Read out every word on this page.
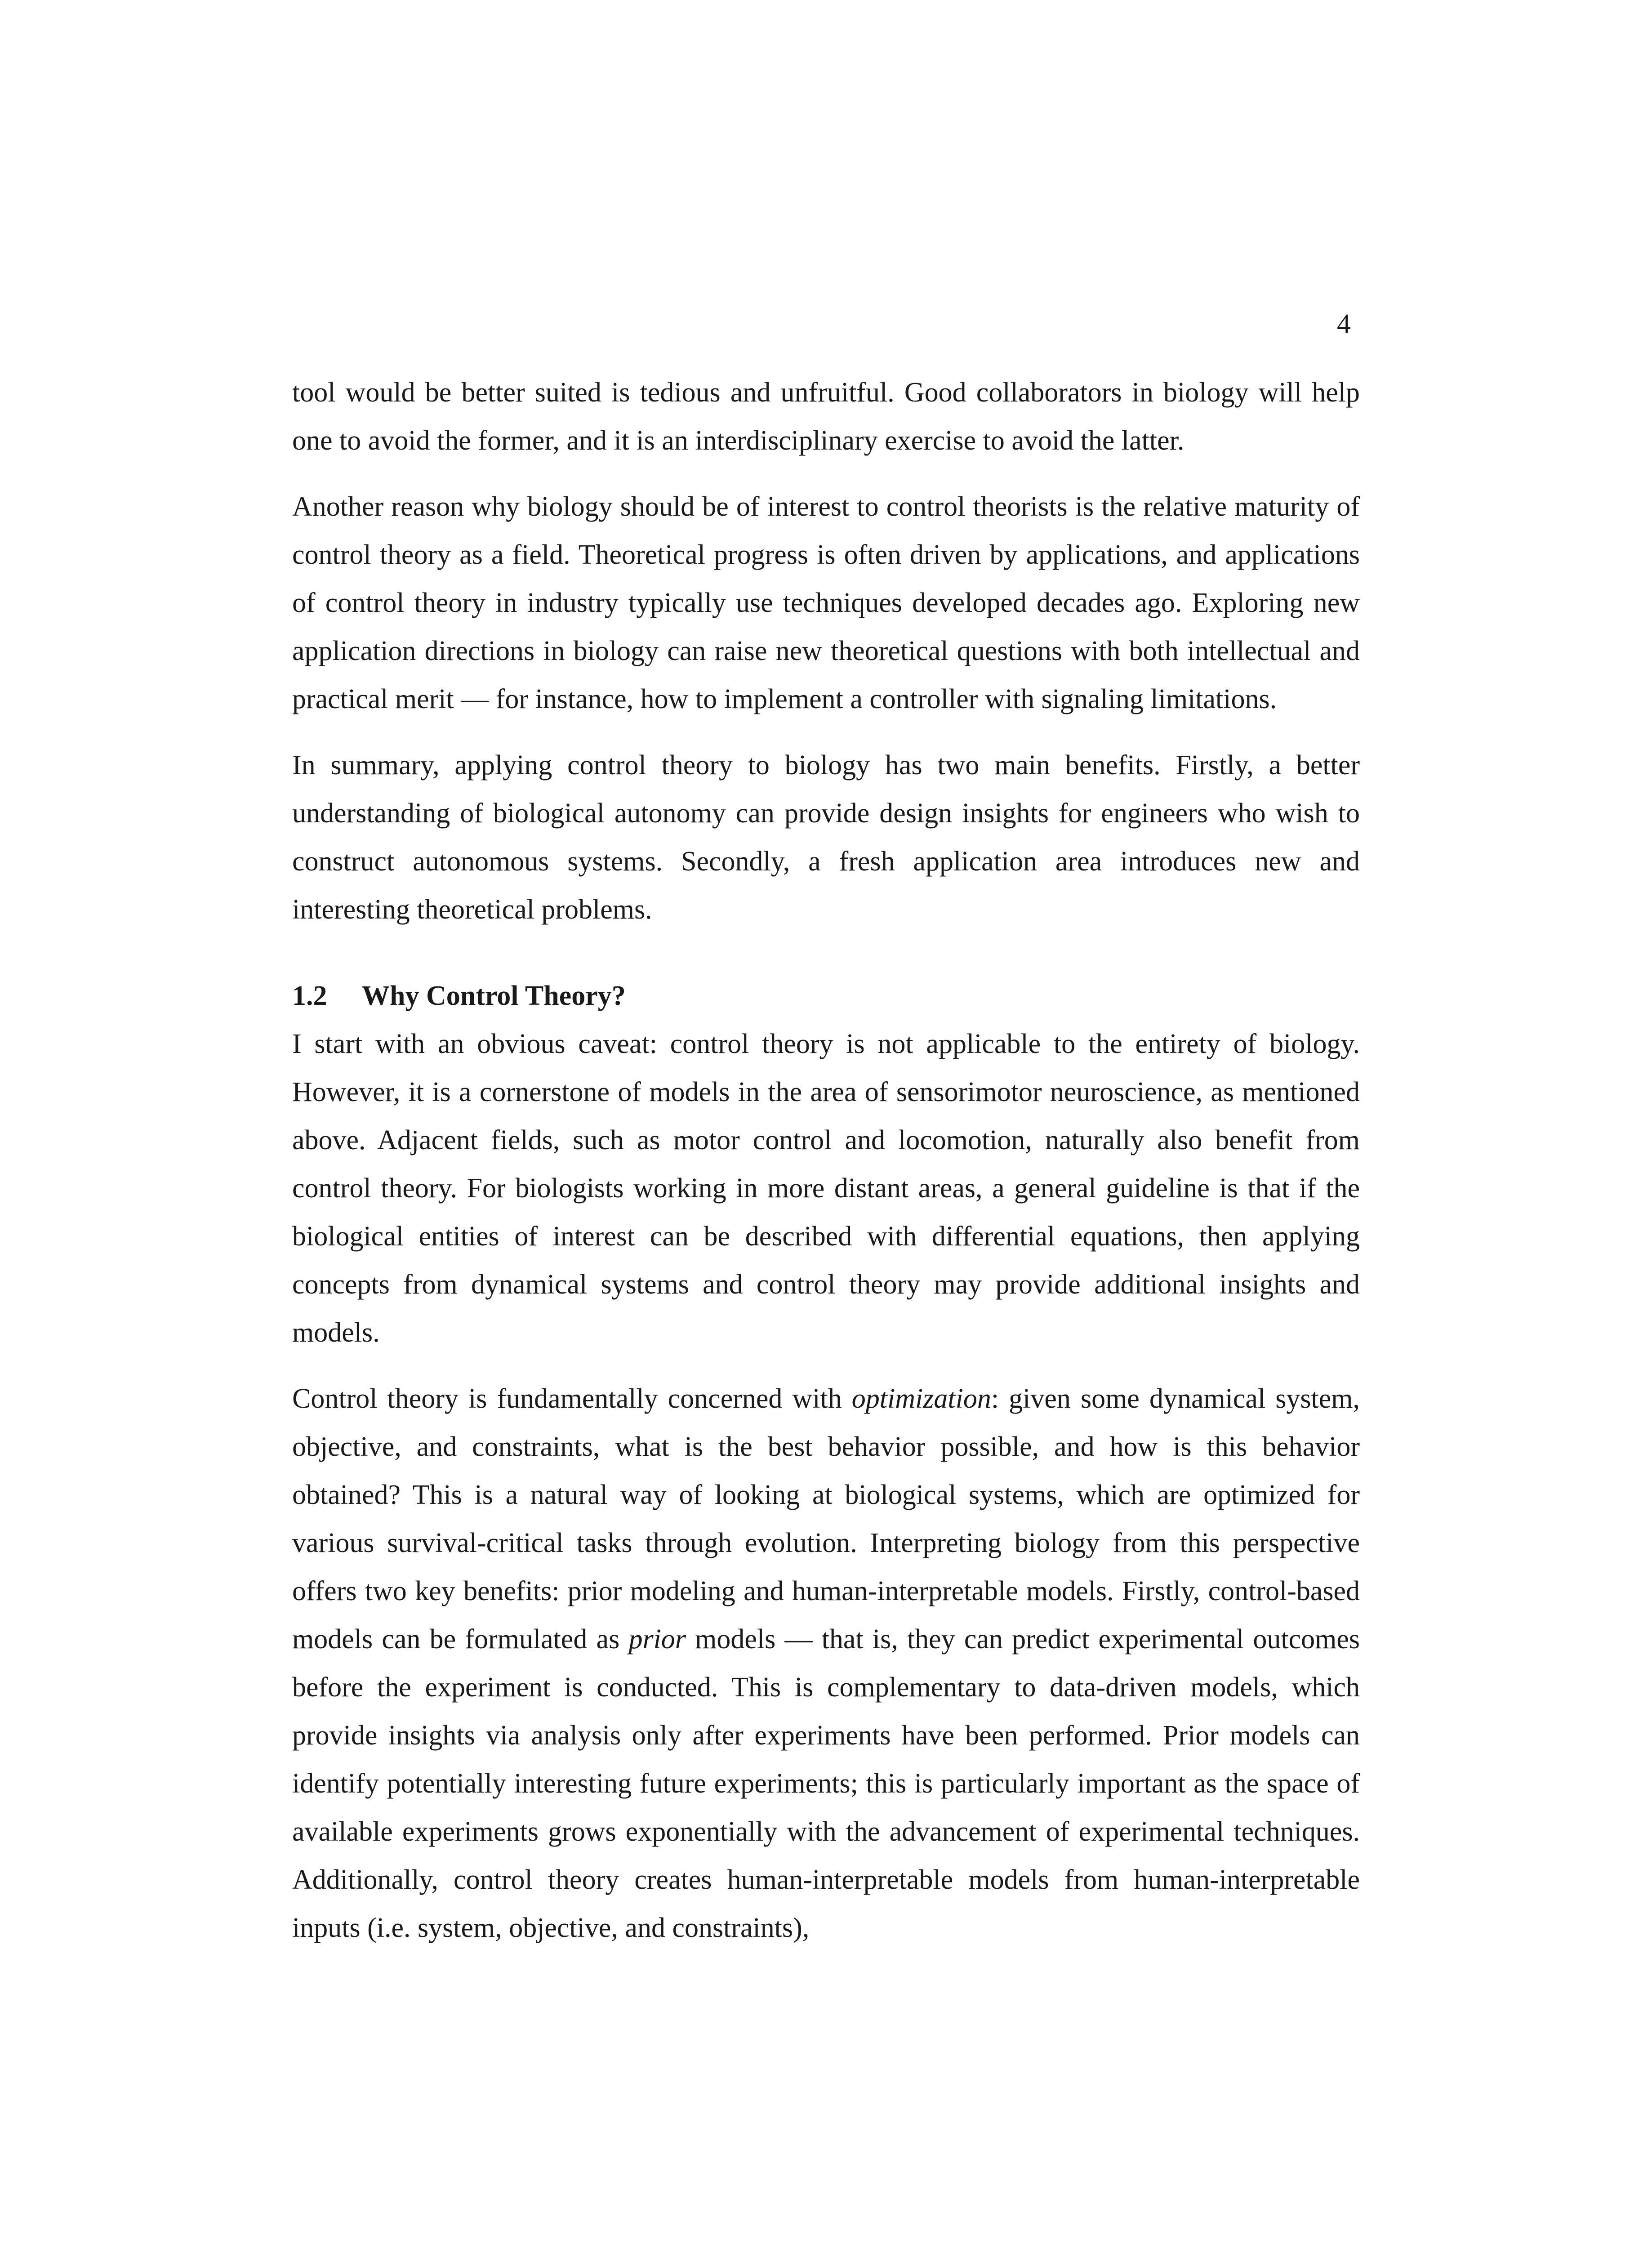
4

tool would be better suited is tedious and unfruitful. Good collaborators in biology will help one to avoid the former, and it is an interdisciplinary exercise to avoid the latter.

Another reason why biology should be of interest to control theorists is the relative maturity of control theory as a field. Theoretical progress is often driven by applications, and applications of control theory in industry typically use techniques developed decades ago. Exploring new application directions in biology can raise new theoretical questions with both intellectual and practical merit — for instance, how to implement a controller with signaling limitations.

In summary, applying control theory to biology has two main benefits. Firstly, a better understanding of biological autonomy can provide design insights for engineers who wish to construct autonomous systems. Secondly, a fresh application area introduces new and interesting theoretical problems.

1.2 Why Control Theory?

I start with an obvious caveat: control theory is not applicable to the entirety of biology. However, it is a cornerstone of models in the area of sensorimotor neuroscience, as mentioned above. Adjacent fields, such as motor control and locomotion, naturally also benefit from control theory. For biologists working in more distant areas, a general guideline is that if the biological entities of interest can be described with differential equations, then applying concepts from dynamical systems and control theory may provide additional insights and models.

Control theory is fundamentally concerned with optimization: given some dynamical system, objective, and constraints, what is the best behavior possible, and how is this behavior obtained? This is a natural way of looking at biological systems, which are optimized for various survival-critical tasks through evolution. Interpreting biology from this perspective offers two key benefits: prior modeling and human-interpretable models. Firstly, control-based models can be formulated as prior models — that is, they can predict experimental outcomes before the experiment is conducted. This is complementary to data-driven models, which provide insights via analysis only after experiments have been performed. Prior models can identify potentially interesting future experiments; this is particularly important as the space of available experiments grows exponentially with the advancement of experimental techniques. Additionally, control theory creates human-interpretable models from human-interpretable inputs (i.e. system, objective, and constraints),
